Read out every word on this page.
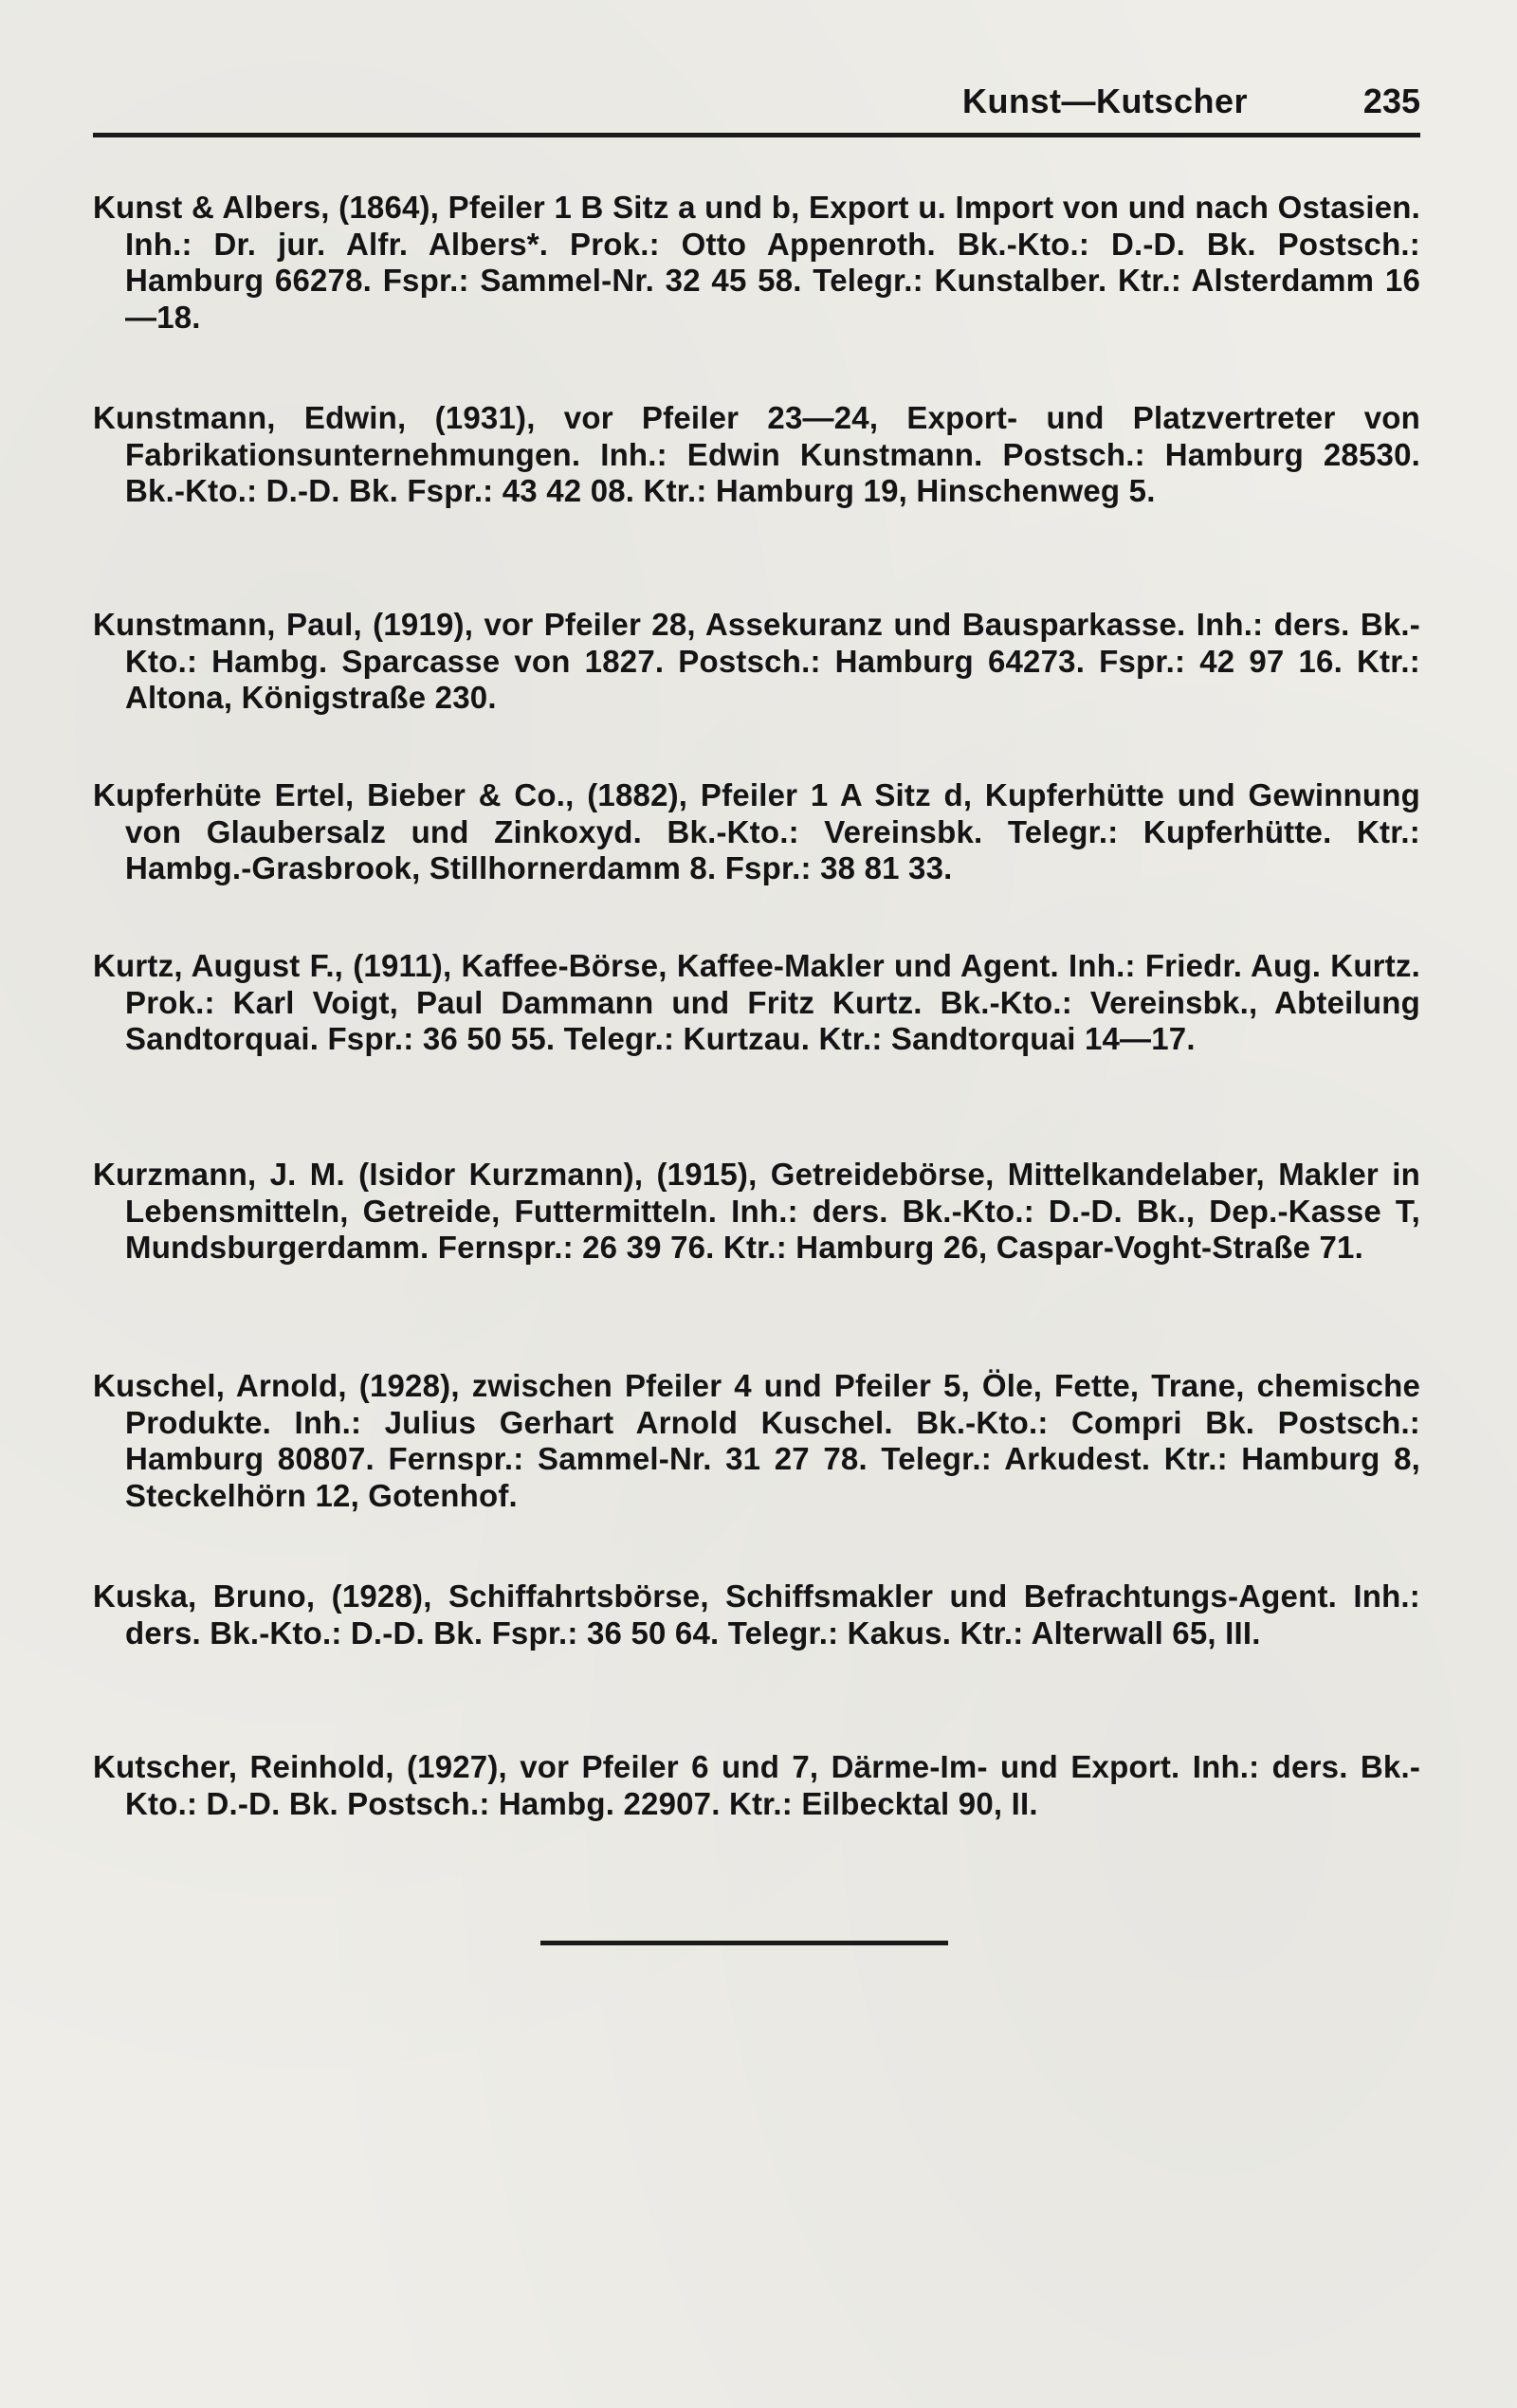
Kunst—Kutscher	235
Kunst & Albers, (1864), Pfeiler 1 B Sitz a und b, Export u. Import von und nach Ostasien. Inh.: Dr. jur. Alfr. Albers*. Prok.: Otto Appenroth. Bk.-Kto.: D.-D. Bk. Postsch.: Hamburg 66278. Fspr.: Sammel-Nr. 32 45 58. Telegr.: Kunstalber. Ktr.: Alsterdamm 16—18.
Kunstmann, Edwin, (1931), vor Pfeiler 23—24, Export- und Platzvertreter von Fabrikationsunternehmungen. Inh.: Edwin Kunstmann. Postsch.: Hamburg 28530. Bk.-Kto.: D.-D. Bk. Fspr.: 43 42 08. Ktr.: Hamburg 19, Hinschenweg 5.
Kunstmann, Paul, (1919), vor Pfeiler 28, Assekuranz und Bausparkasse. Inh.: ders. Bk.-Kto.: Hambg. Sparcasse von 1827. Postsch.: Hamburg 64273. Fspr.: 42 97 16. Ktr.: Altona, Königstraße 230.
Kupferhüte Ertel, Bieber & Co., (1882), Pfeiler 1 A Sitz d, Kupferhütte und Gewinnung von Glaubersalz und Zinkoxyd. Bk.-Kto.: Vereinsbk. Telegr.: Kupferhütte. Ktr.: Hambg.-Grasbrook, Stillhornerdamm 8. Fspr.: 38 81 33.
Kurtz, August F., (1911), Kaffee-Börse, Kaffee-Makler und Agent. Inh.: Friedr. Aug. Kurtz. Prok.: Karl Voigt, Paul Dammann und Fritz Kurtz. Bk.-Kto.: Vereinsbk., Abteilung Sandtorquai. Fspr.: 36 50 55. Telegr.: Kurtzau. Ktr.: Sandtorquai 14—17.
Kurzmann, J. M. (Isidor Kurzmann), (1915), Getreidebörse, Mittelkandelaber, Makler in Lebensmitteln, Getreide, Futtermitteln. Inh.: ders. Bk.-Kto.: D.-D. Bk., Dep.-Kasse T, Mundsburgerdamm. Fernspr.: 26 39 76. Ktr.: Hamburg 26, Caspar-Voght-Straße 71.
Kuschel, Arnold, (1928), zwischen Pfeiler 4 und Pfeiler 5, Öle, Fette, Trane, chemische Produkte. Inh.: Julius Gerhart Arnold Kuschel. Bk.-Kto.: Compri Bk. Postsch.: Hamburg 80807. Fernspr.: Sammel-Nr. 31 27 78. Telegr.: Arkudest. Ktr.: Hamburg 8, Steckelhörn 12, Gotenhof.
Kuska, Bruno, (1928), Schiffahrtsbörse, Schiffsmakler und Befrachtungs-Agent. Inh.: ders. Bk.-Kto.: D.-D. Bk. Fspr.: 36 50 64. Telegr.: Kakus. Ktr.: Alterwall 65, III.
Kutscher, Reinhold, (1927), vor Pfeiler 6 und 7, Därme-Im- und Export. Inh.: ders. Bk.-Kto.: D.-D. Bk. Postsch.: Hambg. 22907. Ktr.: Eilbecktal 90, II.
